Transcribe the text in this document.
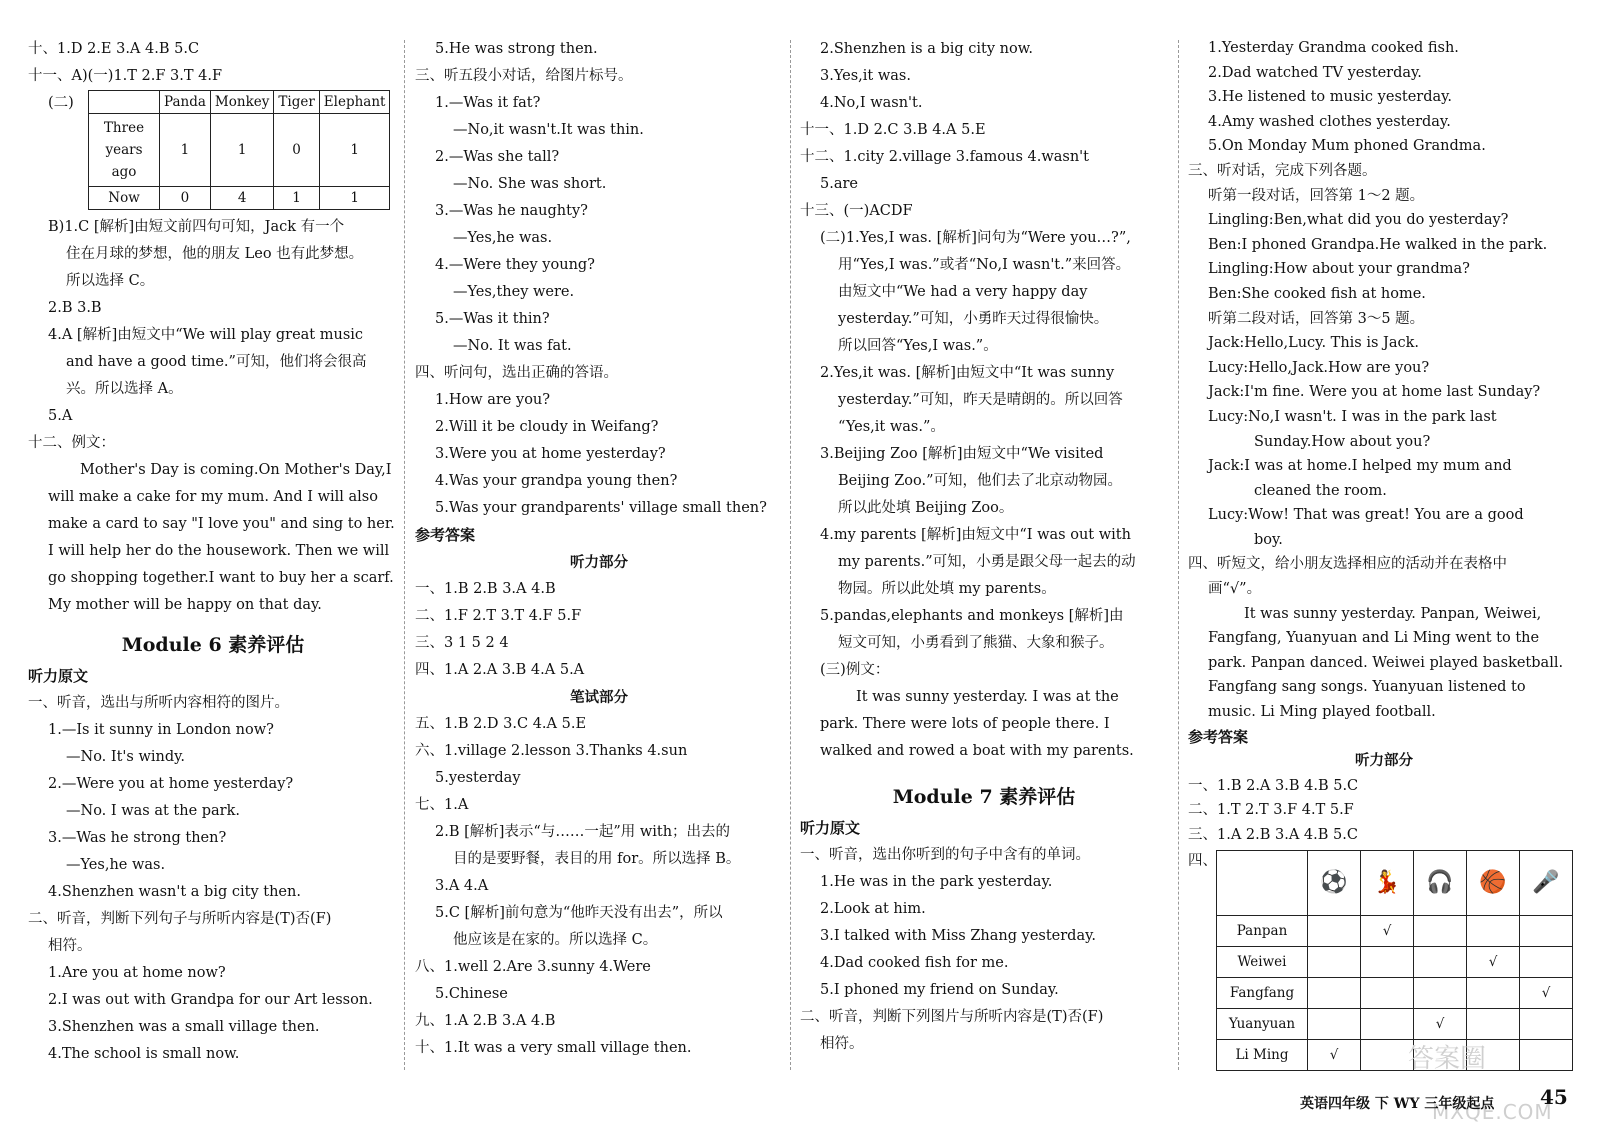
十、1.D 2.E 3.A 4.B 5.C
十一、A)(一)1.T 2.F 3.T 4.F
(二)
		Panda	Monkey	Tiger	Elephant
Three years ago	1	1	0	1
Now	0	4	1	1
B)1.C [解析]由短文前四句可知，Jack 有一个
住在月球的梦想，他的朋友 Leo 也有此梦想。
所以选择 C。
2.B 3.B
4.A [解析]由短文中“We will play great music
and have a good time.”可知，他们将会很高
兴。所以选择 A。
5.A
十二、例文：
Mother's Day is coming.On Mother's Day,I
will make a cake for my mum. And I will also
make a card to say "I love you" and sing to her.
I will help her do the housework. Then we will
go shopping together.I want to buy her a scarf.
My mother will be happy on that day.
Module 6 素养评估
听力原文
一、听音，选出与所听内容相符的图片。
1.—Is it sunny in London now?
—No. It's windy.
2.—Were you at home yesterday?
—No. I was at the park.
3.—Was he strong then?
—Yes,he was.
4.Shenzhen wasn't a big city then.
二、听音，判断下列句子与所听内容是(T)否(F)
相符。
1.Are you at home now?
2.I was out with Grandpa for our Art lesson.
3.Shenzhen was a small village then.
4.The school is small now.
5.He was strong then.
三、听五段小对话，给图片标号。
1.—Was it fat?
—No,it wasn't.It was thin.
2.—Was she tall?
—No. She was short.
3.—Was he naughty?
—Yes,he was.
4.—Were they young?
—Yes,they were.
5.—Was it thin?
—No. It was fat.
四、听问句，选出正确的答语。
1.How are you?
2.Will it be cloudy in Weifang?
3.Were you at home yesterday?
4.Was your grandpa young then?
5.Was your grandparents' village small then?
参考答案
听力部分
一、1.B 2.B 3.A 4.B
二、1.F 2.T 3.T 4.F 5.F
三、3 1 5 2 4
四、1.A 2.A 3.B 4.A 5.A
笔试部分
五、1.B 2.D 3.C 4.A 5.E
六、1.village 2.lesson 3.Thanks 4.sun
5.yesterday
七、1.A
2.B [解析]表示“与……一起”用 with；出去的
目的是要野餐，表目的用 for。所以选择 B。
3.A 4.A
5.C [解析]前句意为“他昨天没有出去”，所以
他应该是在家的。所以选择 C。
八、1.well 2.Are 3.sunny 4.Were
5.Chinese
九、1.A 2.B 3.A 4.B
十、1.It was a very small village then.
2.Shenzhen is a big city now.
3.Yes,it was.
4.No,I wasn't.
十一、1.D 2.C 3.B 4.A 5.E
十二、1.city 2.village 3.famous 4.wasn't
5.are
十三、(一)ACDF
(二)1.Yes,I was. [解析]问句为“Were you…?”,
用“Yes,I was.”或者“No,I wasn't.”来回答。
由短文中“We had a very happy day
yesterday.”可知，小勇昨天过得很愉快。
所以回答“Yes,I was.”。
2.Yes,it was. [解析]由短文中“It was sunny
yesterday.”可知，昨天是晴朗的。所以回答
“Yes,it was.”。
3.Beijing Zoo [解析]由短文中“We visited
Beijing Zoo.”可知，他们去了北京动物园。
所以此处填 Beijing Zoo。
4.my parents [解析]由短文中“I was out with
my parents.”可知，小勇是跟父母一起去的动
物园。所以此处填 my parents。
5.pandas,elephants and monkeys [解析]由
短文可知，小勇看到了熊猫、大象和猴子。
(三)例文：
It was sunny yesterday. I was at the
park. There were lots of people there. I
walked and rowed a boat with my parents.
Module 7 素养评估
听力原文
一、听音，选出你听到的句子中含有的单词。
1.He was in the park yesterday.
2.Look at him.
3.I talked with Miss Zhang yesterday.
4.Dad cooked fish for me.
5.I phoned my friend on Sunday.
二、听音，判断下列图片与所听内容是(T)否(F)
相符。
1.Yesterday Grandma cooked fish.
2.Dad watched TV yesterday.
3.He listened to music yesterday.
4.Amy washed clothes yesterday.
5.On Monday Mum phoned Grandma.
三、听对话，完成下列各题。
听第一段对话，回答第 1～2 题。
Lingling:Ben,what did you do yesterday?
Ben:I phoned Grandpa.He walked in the park.
Lingling:How about your grandma?
Ben:She cooked fish at home.
听第二段对话，回答第 3～5 题。
Jack:Hello,Lucy. This is Jack.
Lucy:Hello,Jack.How are you?
Jack:I'm fine. Were you at home last Sunday?
Lucy:No,I wasn't. I was in the park last
Sunday.How about you?
Jack:I was at home.I helped my mum and
cleaned the room.
Lucy:Wow! That was great! You are a good
boy.
四、听短文，给小朋友选择相应的活动并在表格中
画“√”。
It was sunny yesterday. Panpan, Weiwei,
Fangfang, Yuanyuan and Li Ming went to the
park. Panpan danced. Weiwei played basketball.
Fangfang sang songs. Yuanyuan listened to
music. Li Ming played football.
参考答案
听力部分
一、1.B 2.A 3.B 4.B 5.C
二、1.T 2.T 3.F 4.T 5.F
三、1.A 2.B 3.A 4.B 5.C
四、
	⚽	💃	🎧	🏀	🎤
Panpan		√			
Weiwei				√	
Fangfang					√
Yuanyuan			√		
Li Ming	√					答案圈
MXQE.COM
英语四年级 下 WY 三年级起点 45
